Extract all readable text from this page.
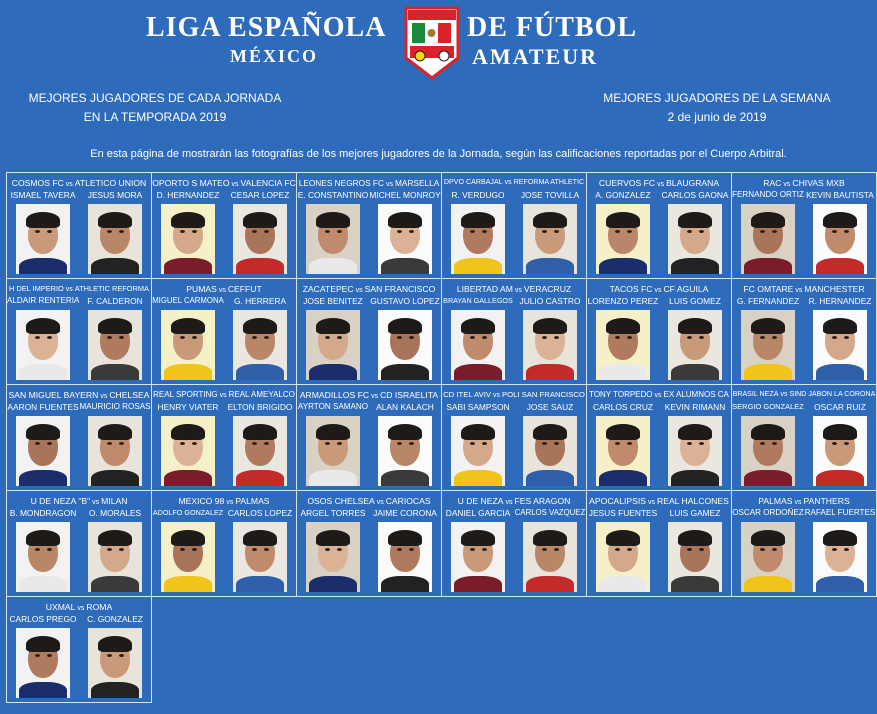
LIGA ESPAÑOLA
MÉXICO
DE FÚTBOL
AMATEUR
MEJORES JUGADORES DE CADA JORNADA
EN LA TEMPORADA 2019
MEJORES JUGADORES DE LA SEMANA
2 de junio de 2019
En esta página de mostrarán las fotografías de los mejores jugadores de la Jornada, según las calificaciones reportadas por el Cuerpo Arbitral.
COSMOS FC vs ATLETICO UNION
ISMAEL TAVERA	JESUS MORA
OPORTO S MATEO vs VALENCIA FC
D. HERNANDEZ	CESAR LOPEZ
LEONES NEGROS FC vs MARSELLA
E. CONSTANTINO MICHEL MONROY
DPVO CARBAJAL vs REFORMA ATHLETIC
R. VERDUGO	JOSE TOVILLA
CUERVOS FC vs BLAUGRANA
A. GONZALEZ	CARLOS GAONA
RAC vs CHIVAS MXB
FERNANDO ORTIZ KEVIN BAUTISTA
H DEL IMPERIO vs ATHLETIC REFORMA
ALDAIR RENTERIA F. CALDERON
PUMAS vs CEFFUT
MIGUEL CARMONA	G. HERRERA
ZACATEPEC vs SAN FRANCISCO
JOSE BENITEZ GUSTAVO LOPEZ
LIBERTAD AM vs VERACRUZ
BRAYAN GALLEGOS JULIO CASTRO
TACOS FC vs CF AGUILA
LORENZO PEREZ	LUIS GOMEZ
FC OMTARE vs MANCHESTER
G. FERNANDEZ	R. HERNANDEZ
SAN MIGUEL BAYERN vs CHELSEA
AARON FUENTES MAURICIO ROSAS
REAL SPORTING vs REAL AMEYALCO
HENRY VIATER	ELTON BRIGIDO
ARMADILLOS FC vs CD ISRAELITA
AYRTON SAMANO ALAN KALACH
CD ITEL AVIV vs POLI SAN FRANCISCO
SABI SAMPSON	JOSE SAUZ
TONY TORPEDO vs EX ALUMNOS CA
CARLOS CRUZ	KEVIN RIMANN
BRASIL NEZA vs SIND JABON LA CORONA
SERGIO GONZALEZ	OSCAR RUIZ
U DE NEZA "B" vs MILAN
B. MONDRAGON	O. MORALES
MEXICO 98 vs PALMAS
ADOLFO GONZALEZ CARLOS LOPEZ
OSOS CHELSEA vs CARIOCAS
ARGEL TORRES JAIME CORONA
U DE NEZA vs FES ARAGON
DANIEL GARCIA CARLOS VAZQUEZ
APOCALIPSIS vs REAL HALCONES
JESUS FUENTES	LUIS GAMEZ
PALMAS vs PANTHERS
OSCAR ORDOÑEZ RAFAEL FUERTES
UXMAL vs ROMA
CARLOS PREGO	C. GONZALEZ
